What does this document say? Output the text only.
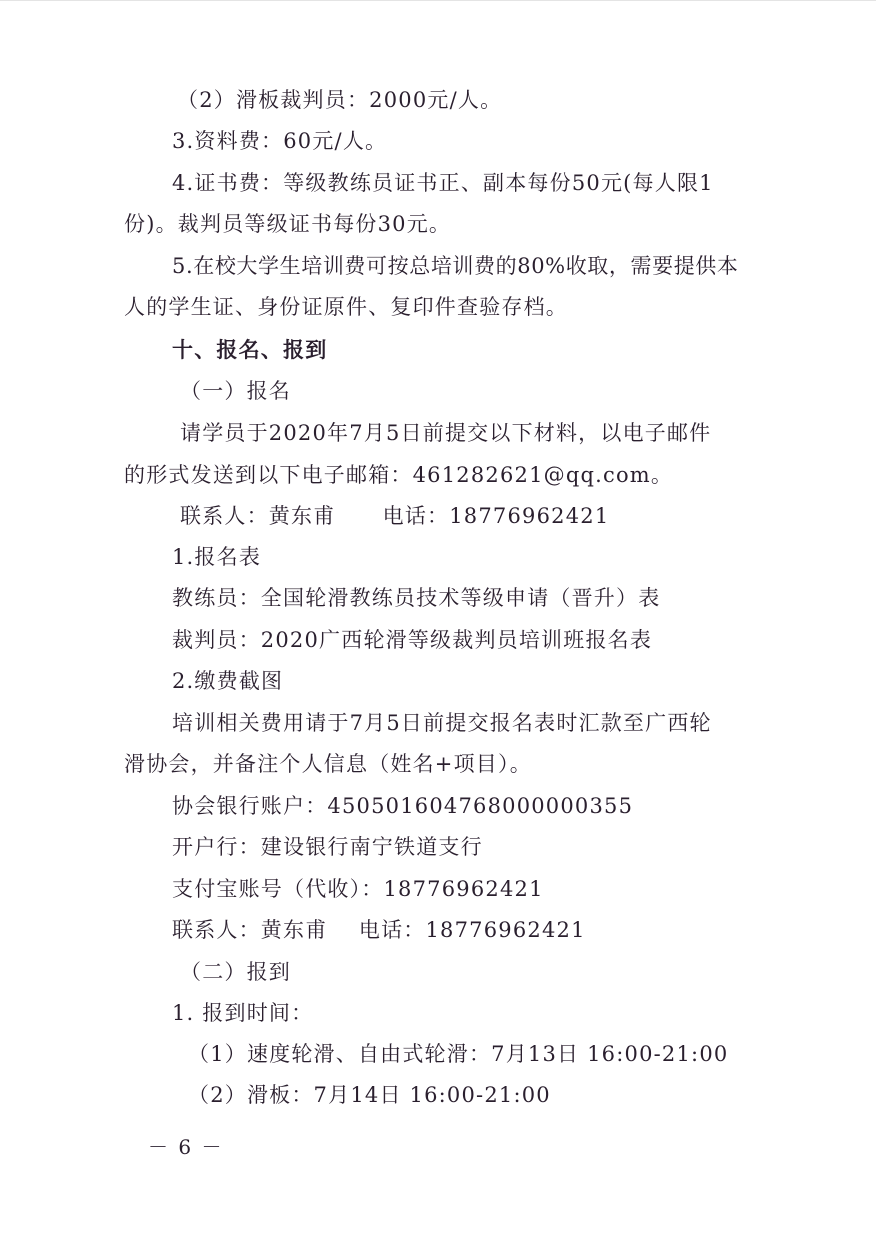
（2）滑板裁判员：2000元/人。
3.资料费：60元/人。
4.证书费：等级教练员证书正、副本每份50元(每人限1
份)。裁判员等级证书每份30元。
5.在校大学生培训费可按总培训费的80%收取，需要提供本
人的学生证、身份证原件、复印件查验存档。
十、报名、报到
（一）报名
请学员于2020年7月5日前提交以下材料，以电子邮件
的形式发送到以下电子邮箱：461282621@qq.com。
联系人：黄东甫      电话：18776962421
1.报名表
教练员：全国轮滑教练员技术等级申请（晋升）表
裁判员：2020广西轮滑等级裁判员培训班报名表
2.缴费截图
培训相关费用请于7月5日前提交报名表时汇款至广西轮
滑协会，并备注个人信息（姓名+项目）。
协会银行账户：450501604768000000355
开户行：建设银行南宁铁道支行
支付宝账号（代收）：18776962421
联系人：黄东甫    电话：18776962421
（二）报到
1. 报到时间：
（1）速度轮滑、自由式轮滑：7月13日 16:00-21:00
（2）滑板：7月14日 16:00-21:00
－ 6 －
